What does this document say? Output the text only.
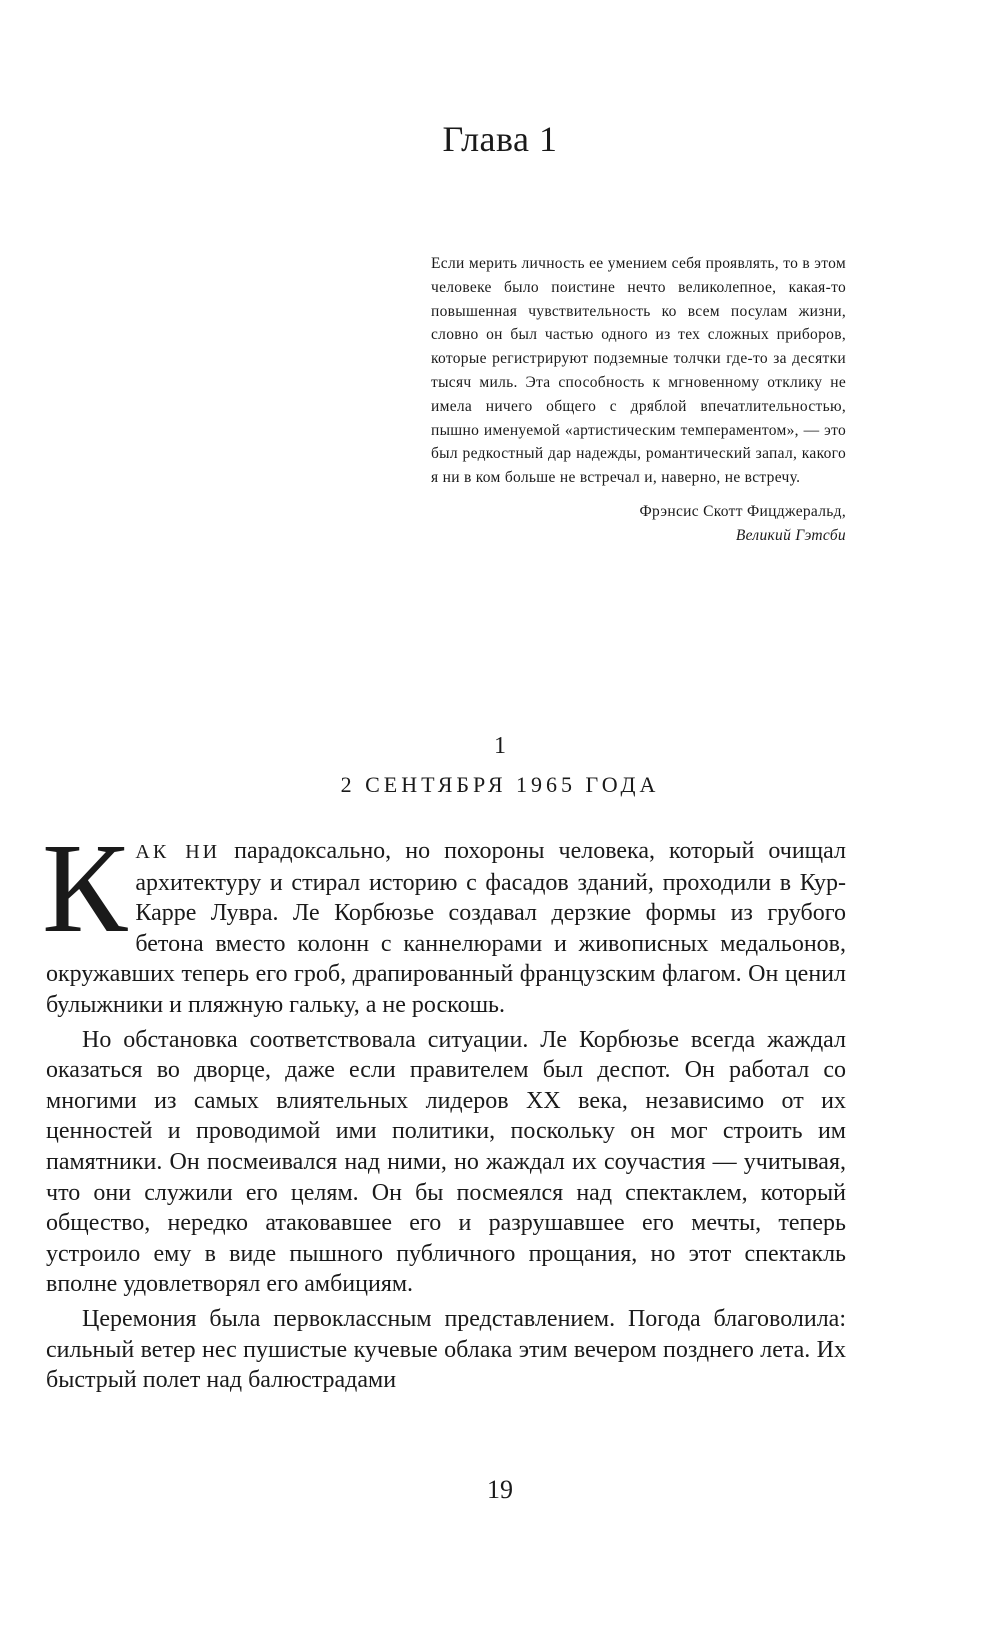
Глава 1

Если мерить личность ее умением себя проявлять, то в этом человеке было поистине нечто великолепное, какая-то повышенная чувствительность ко всем посулам жизни, словно он был частью одного из тех сложных приборов, которые регистрируют подземные толчки где-то за десятки тысяч миль. Эта способность к мгновенному отклику не имела ничего общего с дряблой впечатлительностью, пышно именуемой «артистическим темпераментом», — это был редкостный дар надежды, романтический запал, какого я ни в ком больше не встречал и, наверно, не встречу.

Фрэнсис Скотт Фицджеральд,
Великий Гэтсби
1
2 СЕНТЯБРЯ 1965 ГОДА

КАК НИ парадоксально, но похороны человека, который очищал архитектуру и стирал историю с фасадов зданий, проходили в Кур-Карре Лувра. Ле Корбюзье создавал дерзкие формы из грубого бетона вместо колонн с каннелюрами и живописных медальонов, окружавших теперь его гроб, драпированный французским флагом. Он ценил булыжники и пляжную гальку, а не роскошь.

Но обстановка соответствовала ситуации. Ле Корбюзье всегда жаждал оказаться во дворце, даже если правителем был деспот. Он работал со многими из самых влиятельных лидеров XX века, независимо от их ценностей и проводимой ими политики, поскольку он мог строить им памятники. Он посмеивался над ними, но жаждал их соучастия — учитывая, что они служили его целям. Он бы посмеялся над спектаклем, который общество, нередко атаковавшее его и разрушавшее его мечты, теперь устроило ему в виде пышного публичного прощания, но этот спектакль вполне удовлетворял его амбициям.

Церемония была первоклассным представлением. Погода благоволила: сильный ветер нес пушистые кучевые облака этим вечером позднего лета. Их быстрый полет над балюстрадами

19
